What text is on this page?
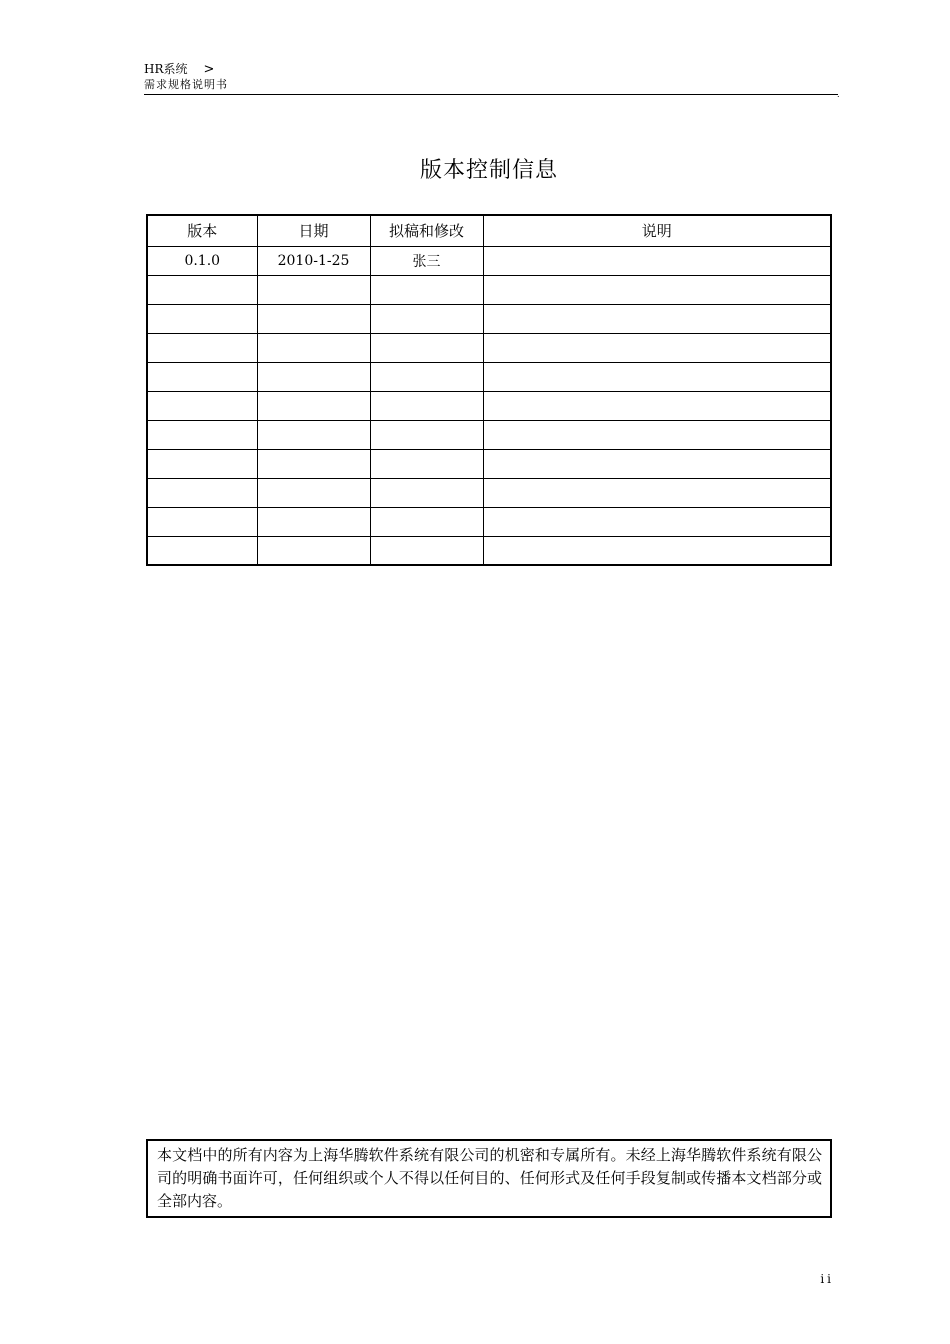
HR系统 >
需求规格说明书
.
版本控制信息
版本	日期	拟稿和修改	说明
0.1.0	2010-1-25	张三	

本文档中的所有内容为上海华腾软件系统有限公司的机密和专属所有。未经上海华腾软件系统有限公司的明确书面许可，任何组织或个人不得以任何目的、任何形式及任何手段复制或传播本文档部分或全部内容。
ii
